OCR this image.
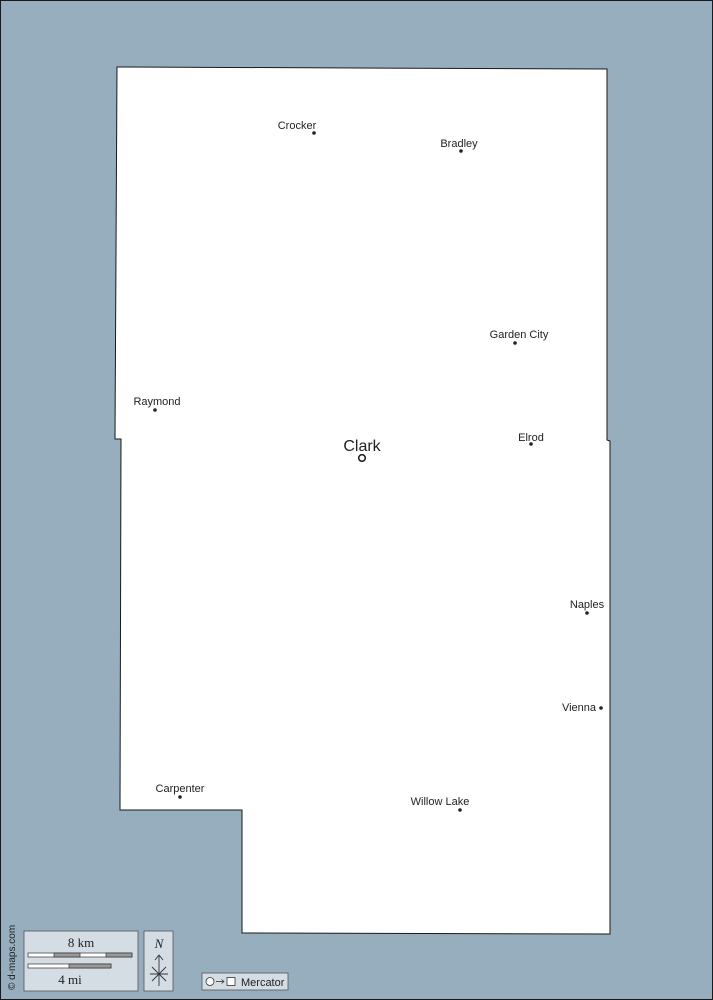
Crocker
Bradley
Garden City
Raymond
Elrod
Naples
Vienna
Carpenter
Willow Lake
Clark
© d-maps.com	8 km
4 mi
N
Mercator
